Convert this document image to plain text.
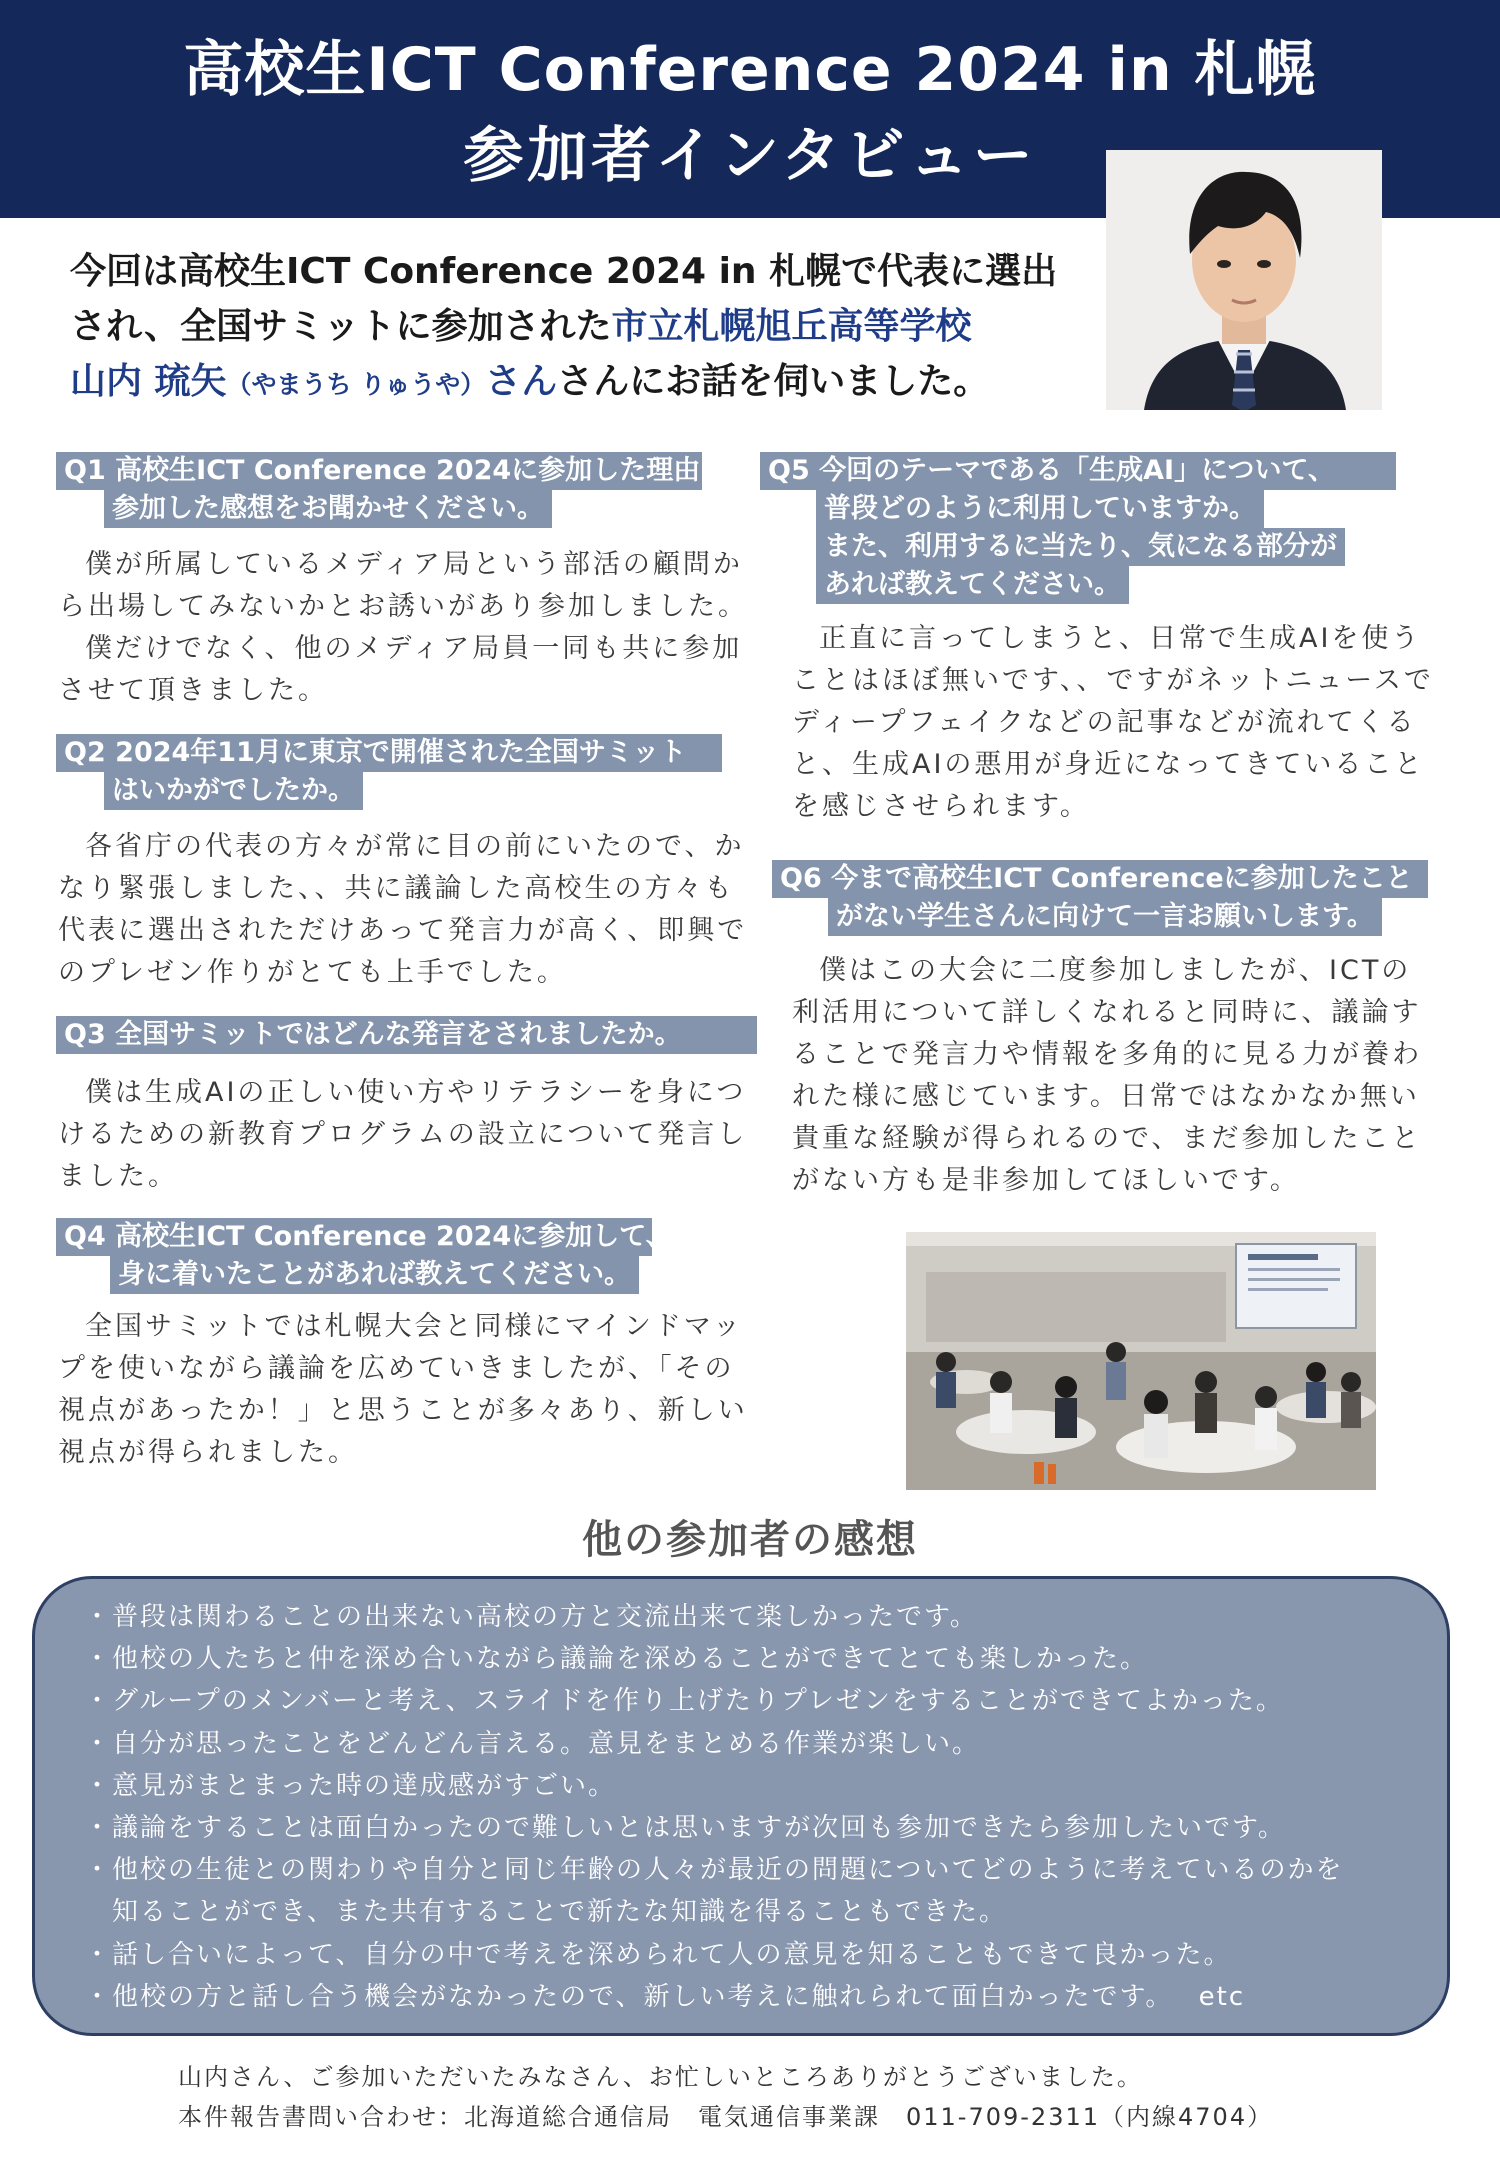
高校生ICT Conference 2024 in 札幌
参加者インタビュー
今回は高校生ICT Conference 2024 in 札幌で代表に選出され、全国サミットに参加された市立札幌旭丘高等学校
山内 琉矢（やまうち りゅうや）さんさんにお話を伺いました。
Q1 高校生ICT Conference 2024に参加した理由と
参加した感想をお聞かせください。

僕が所属しているメディア局という部活の顧問から出場してみないかとお誘いがあり参加しました。

僕だけでなく、他のメディア局員一同も共に参加させて頂きました。

Q2 2024年11月に東京で開催された全国サミット
はいかがでしたか。

各省庁の代表の方々が常に目の前にいたので、かなり緊張しました、、共に議論した高校生の方々も代表に選出されただけあって発言力が高く、即興でのプレゼン作りがとても上手でした。

Q3 全国サミットではどんな発言をされましたか。

僕は生成AIの正しい使い方やリテラシーを身につけるための新教育プログラムの設立について発言しました。

Q4 高校生ICT Conference 2024に参加して、
身に着いたことがあれば教えてください。

全国サミットでは札幌大会と同様にマインドマップを使いながら議論を広めていきましたが、「その視点があったか！」と思うことが多々あり、新しい視点が得られました。

Q5 今回のテーマである「生成AI」について、
普段どのように利用していますか。
また、利用するに当たり、気になる部分が
あれば教えてください。

正直に言ってしまうと、日常で生成AIを使うことはほぼ無いです、、ですがネットニュースでディープフェイクなどの記事などが流れてくると、生成AIの悪用が身近になってきていることを感じさせられます。

Q6 今まで高校生ICT Conferenceに参加したこと
がない学生さんに向けて一言お願いします。

僕はこの大会に二度参加しましたが、ICTの利活用について詳しくなれると同時に、議論することで発言力や情報を多角的に見る力が養われた様に感じています。日常ではなかなか無い貴重な経験が得られるので、まだ参加したことがない方も是非参加してほしいです。

他の参加者の感想
・普段は関わることの出来ない高校の方と交流出来て楽しかったです。
・他校の人たちと仲を深め合いながら議論を深めることができてとても楽しかった。
・グループのメンバーと考え、スライドを作り上げたりプレゼンをすることができてよかった。
・自分が思ったことをどんどん言える。意見をまとめる作業が楽しい。
・意見がまとまった時の達成感がすごい。
・議論をすることは面白かったので難しいとは思いますが次回も参加できたら参加したいです。
・他校の生徒との関わりや自分と同じ年齢の人々が最近の問題についてどのように考えているのかを
　知ることができ、また共有することで新たな知識を得ることもできた。
・話し合いによって、自分の中で考えを深められて人の意見を知ることもできて良かった。
・他校の方と話し合う機会がなかったので、新しい考えに触れられて面白かったです。　 etc
山内さん、ご参加いただいたみなさん、お忙しいところありがとうございました。
本件報告書問い合わせ：北海道総合通信局　電気通信事業課　011-709-2311（内線4704）
